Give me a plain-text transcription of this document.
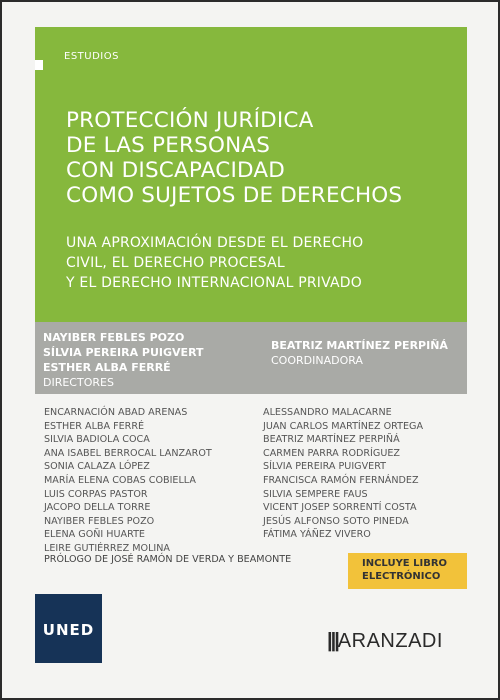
ESTUDIOS
PROTECCIÓN JURÍDICA
DE LAS PERSONAS
CON DISCAPACIDAD
COMO SUJETOS DE DERECHOS

UNA APROXIMACIÓN DESDE EL DERECHO
CIVIL, EL DERECHO PROCESAL
Y EL DERECHO INTERNACIONAL PRIVADO

NAYIBER FEBLES POZO
SÍLVIA PEREIRA PUIGVERT
ESTHER ALBA FERRÉ
DIRECTORES
BEATRIZ MARTÍNEZ PERPIÑÁ
COORDINADORA
ENCARNACIÓN ABAD ARENAS
ESTHER ALBA FERRÉ
SILVIA BADIOLA COCA
ANA ISABEL BERROCAL LANZAROT
SONIA CALAZA LÓPEZ
MARÍA ELENA COBAS COBIELLA
LUIS CORPAS PASTOR
JACOPO DELLA TORRE
NAYIBER FEBLES POZO
ELENA GOÑI HUARTE
LEIRE GUTIÉRREZ MOLINA
ALESSANDRO MALACARNE
JUAN CARLOS MARTÍNEZ ORTEGA
BEATRIZ MARTÍNEZ PERPIÑÁ
CARMEN PARRA RODRÍGUEZ
SÍLVIA PEREIRA PUIGVERT
FRANCISCA RAMÓN FERNÁNDEZ
SILVIA SEMPERE FAUS
VICENT JOSEP SORRENTÍ COSTA
JESÚS ALFONSO SOTO PINEDA
FÁTIMA YÁÑEZ VIVERO
PRÓLOGO DE JOSÉ RAMÓN DE VERDA Y BEAMONTE	INCLUYE LIBRO
ELECTRÓNICO
UNED	|||ARANZADI
